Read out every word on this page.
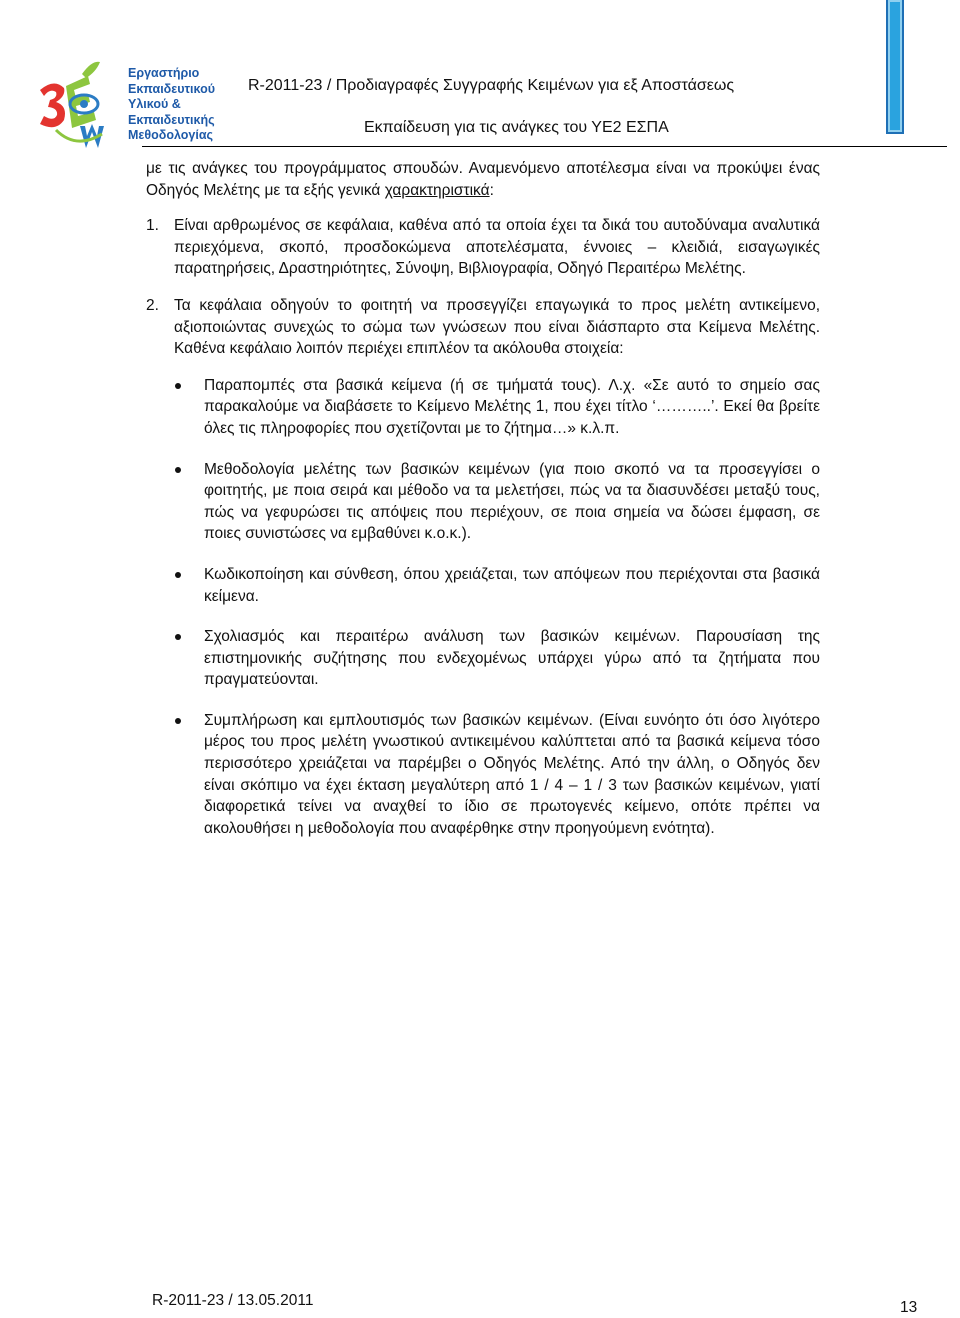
Εργαστήριο
Εκπαιδευτικού
Υλικού &
Εκπαιδευτικής
Μεθοδολογίας
R-2011-23 / Προδιαγραφές Συγγραφής Κειμένων για εξ Αποστάσεως
Εκπαίδευση για τις ανάγκες του ΥΕ2 ΕΣΠΑ

με τις ανάγκες του προγράμματος σπουδών. Αναμενόμενο αποτέλεσμα είναι να προκύψει ένας Οδηγός Μελέτης με τα εξής γενικά χαρακτηριστικά:

1. Είναι αρθρωμένος σε κεφάλαια, καθένα από τα οποία έχει τα δικά του αυτοδύναμα αναλυτικά περιεχόμενα, σκοπό, προσδοκώμενα αποτελέσματα, έννοιες – κλειδιά, εισαγωγικές παρατηρήσεις, Δραστηριότητες, Σύνοψη, Βιβλιογραφία, Οδηγό Περαιτέρω Μελέτης.
2. Τα κεφάλαια οδηγούν το φοιτητή να προσεγγίζει επαγωγικά το προς μελέτη αντικείμενο, αξιοποιώντας συνεχώς το σώμα των γνώσεων που είναι διάσπαρτο στα Κείμενα Μελέτης. Καθένα κεφάλαιο λοιπόν περιέχει επιπλέον τα ακόλουθα στοιχεία:
Παραπομπές στα βασικά κείμενα (ή σε τμήματά τους). Λ.χ. «Σε αυτό το σημείο σας παρακαλούμε να διαβάσετε το Κείμενο Μελέτης 1, που έχει τίτλο ‘………..’. Εκεί θα βρείτε όλες τις πληροφορίες που σχετίζονται με το ζήτημα…» κ.λ.π.
Μεθοδολογία μελέτης των βασικών κειμένων (για ποιο σκοπό να τα προσεγγίσει ο φοιτητής, με ποια σειρά και μέθοδο να τα μελετήσει, πώς να τα διασυνδέσει μεταξύ τους, πώς να γεφυρώσει τις απόψεις που περιέχουν, σε ποια σημεία να δώσει έμφαση, σε ποιες συνιστώσες να εμβαθύνει κ.ο.κ.).
Κωδικοποίηση και σύνθεση, όπου χρειάζεται, των απόψεων που περιέχονται στα βασικά κείμενα.
Σχολιασμός και περαιτέρω ανάλυση των βασικών κειμένων. Παρουσίαση της επιστημονικής συζήτησης που ενδεχομένως υπάρχει γύρω από τα ζητήματα που πραγματεύονται.
Συμπλήρωση και εμπλουτισμός των βασικών κειμένων. (Είναι ευνόητο ότι όσο λιγότερο μέρος του προς μελέτη γνωστικού αντικειμένου καλύπτεται από τα βασικά κείμενα τόσο περισσότερο χρειάζεται να παρέμβει ο Οδηγός Μελέτης. Από την άλλη, ο Οδηγός δεν είναι σκόπιμο να έχει έκταση μεγαλύτερη από 1 / 4 – 1 / 3 των βασικών κειμένων, γιατί διαφορετικά τείνει να αναχθεί το ίδιο σε πρωτογενές κείμενο, οπότε πρέπει να ακολουθήσει η μεθοδολογία που αναφέρθηκε στην προηγούμενη ενότητα).
R-2011-23 / 13.05.2011	13
